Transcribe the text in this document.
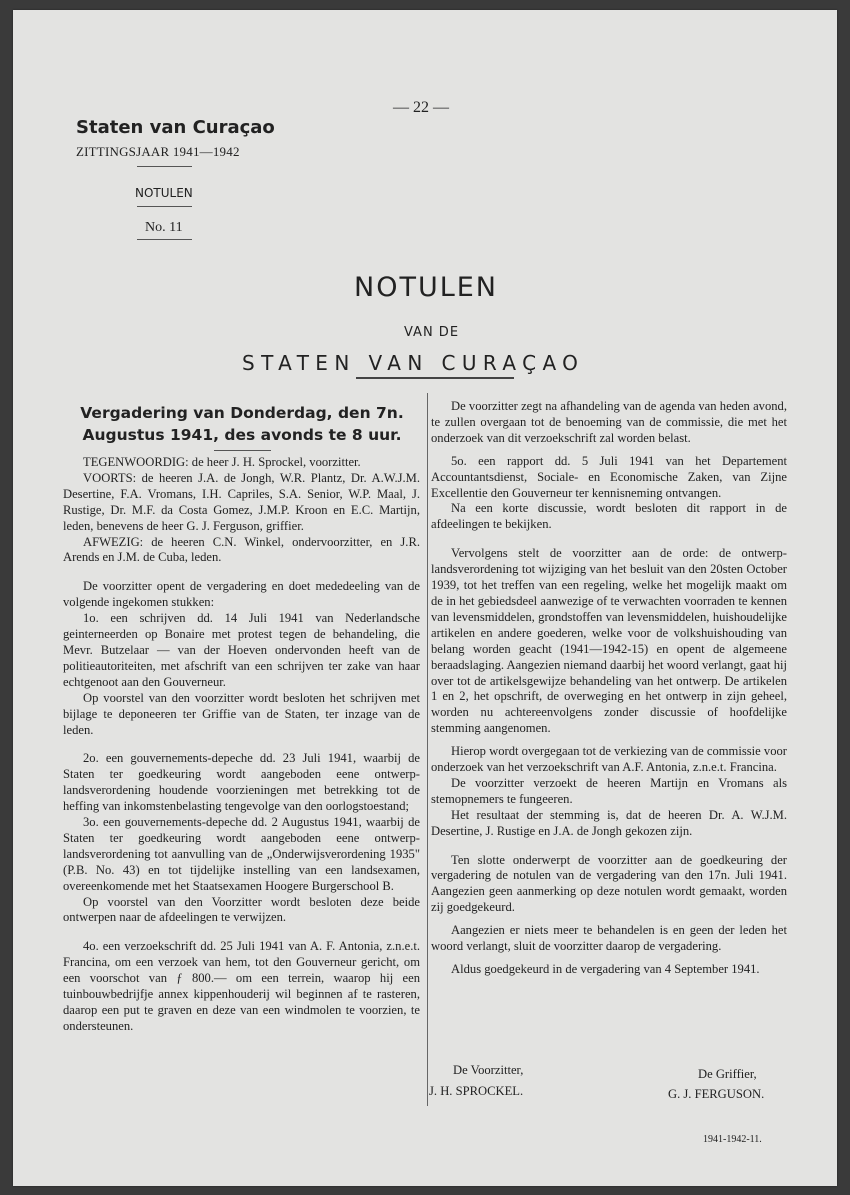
— 22 —
Staten van Curaçao
ZITTINGSJAAR 1941—1942
NOTULEN
No. 11
NOTULEN
VAN DE
STATEN VAN CURAÇAO
Vergadering van Donderdag, den 7n. Augustus 1941, des avonds te 8 uur.

TEGENWOORDIG: de heer J. H. Sprockel, voorzitter.

VOORTS: de heeren J.A. de Jongh, W.R. Plantz, Dr. A.W.J.M. Desertine, F.A. Vromans, I.H. Capriles, S.A. Senior, W.P. Maal, J. Rustige, Dr. M.F. da Costa Gomez, J.M.P. Kroon en E.C. Martijn, leden, benevens de heer G. J. Ferguson, griffier.

AFWEZIG: de heeren C.N. Winkel, ondervoorzitter, en J.R. Arends en J.M. de Cuba, leden.

De voorzitter opent de vergadering en doet mededeeling van de volgende ingekomen stukken:

1o. een schrijven dd. 14 Juli 1941 van Nederlandsche geinterneerden op Bonaire met protest tegen de behandeling, die Mevr. Butzelaar — van der Hoeven ondervonden heeft van de politieautoriteiten, met afschrift van een schrijven ter zake van haar echtgenoot aan den Gouverneur.

Op voorstel van den voorzitter wordt besloten het schrijven met bijlage te deponeeren ter Griffie van de Staten, ter inzage van de leden.

2o. een gouvernements-depeche dd. 23 Juli 1941, waarbij de Staten ter goedkeuring wordt aangeboden eene ontwerp-landsverordening houdende voorzieningen met betrekking tot de heffing van inkomstenbelasting tengevolge van den oorlogstoestand;

3o. een gouvernements-depeche dd. 2 Augustus 1941, waarbij de Staten ter goedkeuring wordt aangeboden eene ontwerp-landsverordening tot aanvulling van de „Onderwijsverordening 1935" (P.B. No. 43) en tot tijdelijke instelling van een landsexamen, overeenkomende met het Staatsexamen Hoogere Burgerschool B.

Op voorstel van den Voorzitter wordt besloten deze beide ontwerpen naar de afdeelingen te verwijzen.

4o. een verzoekschrift dd. 25 Juli 1941 van A. F. Antonia, z.n.e.t. Francina, om een verzoek van hem, tot den Gouverneur gericht, om een voorschot van ƒ 800.— om een terrein, waarop hij een tuinbouwbedrijfje annex kippenhouderij wil beginnen af te rasteren, daarop een put te graven en deze van een windmolen te voorzien, te ondersteunen.

De voorzitter zegt na afhandeling van de agenda van heden avond, te zullen overgaan tot de benoeming van de commissie, die met het onderzoek van dit verzoekschrift zal worden belast.

5o. een rapport dd. 5 Juli 1941 van het Departement Accountantsdienst, Sociale- en Economische Zaken, van Zijne Excellentie den Gouverneur ter kennisneming ontvangen.

Na een korte discussie, wordt besloten dit rapport in de afdeelingen te bekijken.

Vervolgens stelt de voorzitter aan de orde: de ontwerp-landsverordening tot wijziging van het besluit van den 20sten October 1939, tot het treffen van een regeling, welke het mogelijk maakt om de in het gebiedsdeel aanwezige of te verwachten voorraden te kennen van levensmiddelen, grondstoffen van levensmiddelen, huishoudelijke artikelen en andere goederen, welke voor de volkshuishouding van belang worden geacht (1941—1942-15) en opent de algemeene beraadslaging. Aangezien niemand daarbij het woord verlangt, gaat hij over tot de artikelsgewijze behandeling van het ontwerp. De artikelen 1 en 2, het opschrift, de overweging en het ontwerp in zijn geheel, worden nu achtereenvolgens zonder discussie of hoofdelijke stemming aangenomen.

Hierop wordt overgegaan tot de verkiezing van de commissie voor onderzoek van het verzoekschrift van A.F. Antonia, z.n.e.t. Francina.

De voorzitter verzoekt de heeren Martijn en Vromans als stemopnemers te fungeeren.

Het resultaat der stemming is, dat de heeren Dr. A. W.J.M. Desertine, J. Rustige en J.A. de Jongh gekozen zijn.

Ten slotte onderwerpt de voorzitter aan de goedkeuring der vergadering de notulen van de vergadering van den 17n. Juli 1941. Aangezien geen aanmerking op deze notulen wordt gemaakt, worden zij goedgekeurd.

Aangezien er niets meer te behandelen is en geen der leden het woord verlangt, sluit de voorzitter daarop de vergadering.

Aldus goedgekeurd in de vergadering van 4 September 1941.

De Voorzitter,	De Griffier,
J. H. SPROCKEL.	G. J. FERGUSON.
1941-1942-11.
